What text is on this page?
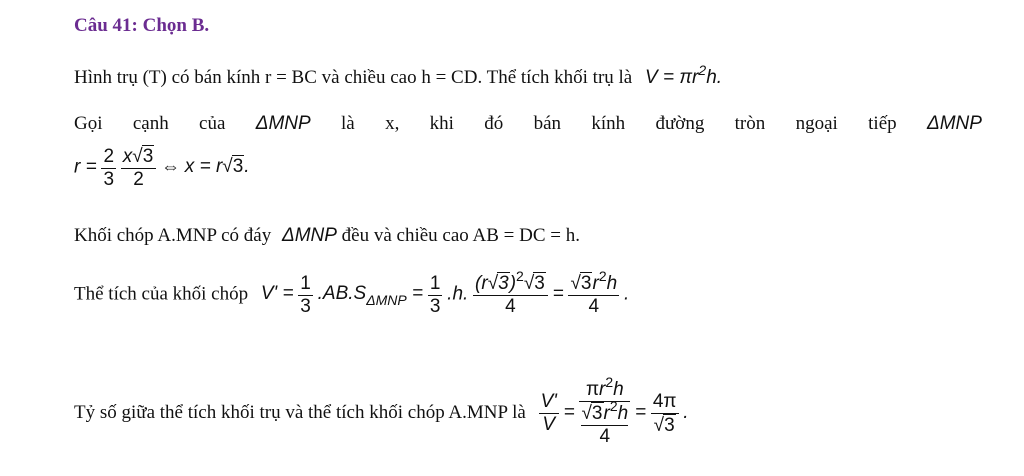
Câu 41: Chọn B.
Hình trụ (T) có bán kính r = BC và chiều cao h = CD. Thể tích khối trụ là $V = \pi r^2h$.
Gọi cạnh của ΔMNP là x, khi đó bán kính đường tròn ngoại tiếp ΔMNP
$r = \frac{2}{3}$
$\frac{x√3}{2}$ ⇔ x = r√3.
Khối chóp A.MNP có đáy ΔMNP đều và chiều cao AB = DC = h.
Thể tích của khối chóp $V' = \frac{1}{3} .AB.S_{\Delta MNP} = \frac{1}{3} .h$. $\frac{(r√3)^2√3}{4} = \frac{√3r^2h}{4}$ .
Tỷ số giữa thể tích khối trụ và thể tích khối chóp A.MNP là $\frac{V'}{V} = \pi r^2h$
$√3r^2h$
$4 = \frac{4\pi}{√3}$ .
